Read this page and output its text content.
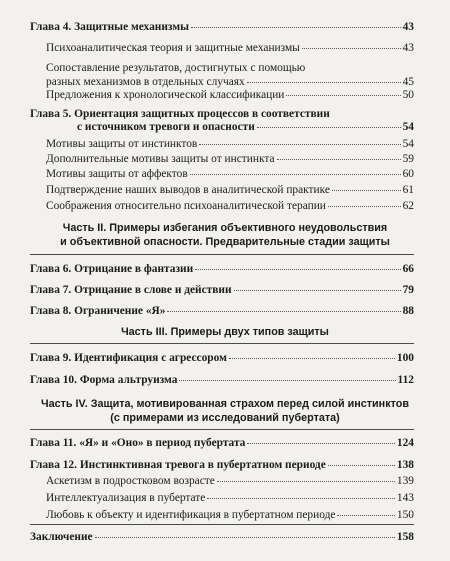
Глава 4. Защитные механизмы	43
Психоаналитическая теория и защитные механизмы	43
Сопоставление результатов, достигнутых с помощью
разных механизмов в отдельных случаях	45
Предложения к хронологической классификации	50
Глава 5. Ориентация защитных процессов в соответствии
с источником тревоги и опасности	54
Мотивы защиты от инстинктов	54
Дополнительные мотивы защиты от инстинкта	59
Мотивы защиты от аффектов	60
Подтверждение наших выводов в аналитической практике	61
Соображения относительно психоаналитической терапии	62
Часть II. Примеры избегания объективного неудовольствия
и объективной опасности. Предварительные стадии защиты
Глава 6. Отрицание в фантазии	66
Глава 7. Отрицание в слове и действии	79
Глава 8. Ограничение «Я»	88
Часть III. Примеры двух типов защиты
Глава 9. Идентификация с агрессором	100
Глава 10. Форма альтруизма	112
Часть IV. Защита, мотивированная страхом перед силой инстинктов
(с примерами из исследований пубертата)
Глава 11. «Я» и «Оно» в период пубертата	124
Глава 12. Инстинктивная тревога в пубертатном периоде	138
Аскетизм в подростковом возрасте	139
Интеллектуализация в пубертате	143
Любовь к объекту и идентификация в пубертатном периоде	150
Заключение	158
